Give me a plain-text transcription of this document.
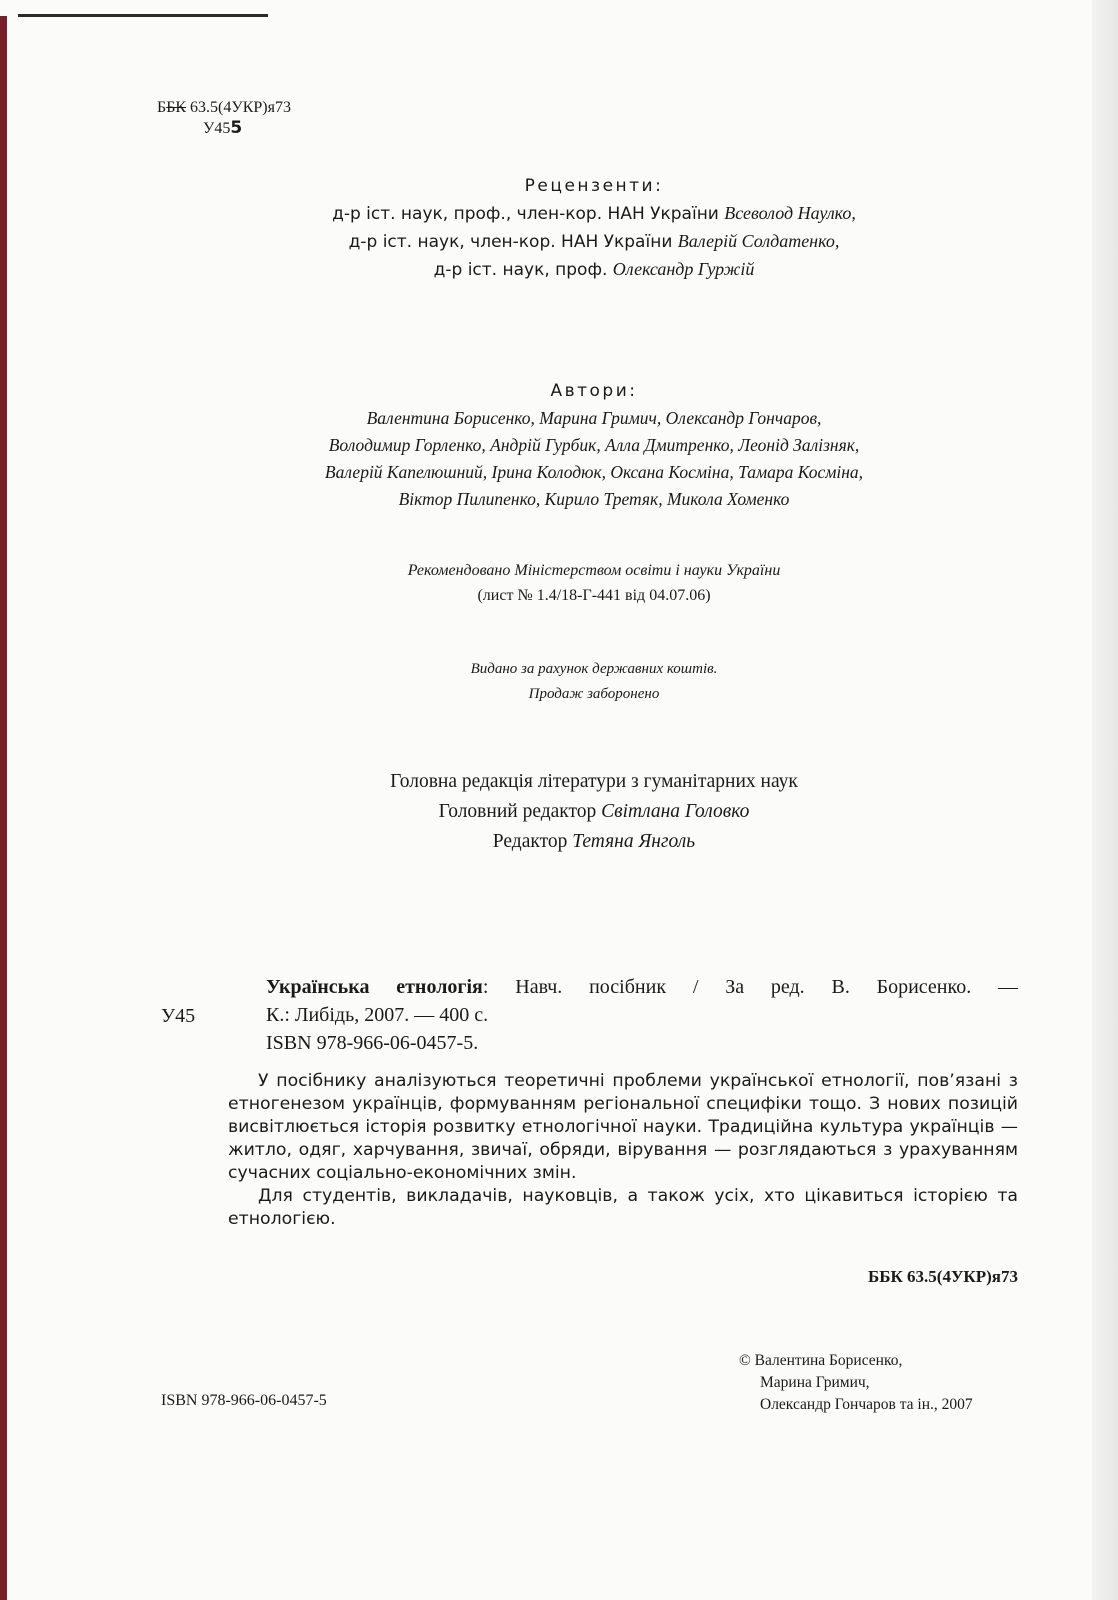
ББК 63.5(4УКР)я73
У455
Рецензенти:
д-р іст. наук, проф., член-кор. НАН України Всеволод Наулко,
д-р іст. наук, член-кор. НАН України Валерій Солдатенко,
д-р іст. наук, проф. Олександр Гуржій
Автори:
Валентина Борисенко, Марина Гримич, Олександр Гончаров,
Володимир Горленко, Андрій Гурбик, Алла Дмитренко, Леонід Залізняк,
Валерій Капелюшний, Ірина Колодюк, Оксана Косміна, Тамара Косміна,
Віктор Пилипенко, Кирило Третяк, Микола Хоменко
Рекомендовано Міністерством освіти і науки України
(лист № 1.4/18-Г-441 від 04.07.06)
Видано за рахунок державних коштів.
Продаж заборонено
Головна редакція літератури з гуманітарних наук
Головний редактор Світлана Головко
Редактор Тетяна Янголь
У45
Українська етнологія: Навч. посібник / За ред. В. Борисенко. —
К.: Либідь, 2007. — 400 с.
ISBN 978-966-06-0457-5.

У посібнику аналізуються теоретичні проблеми української етнології, пов’язані з етногенезом українців, формуванням регіональної специфіки тощо. З нових позицій висвітлюється історія розвитку етнологічної науки. Традиційна культура українців — житло, одяг, харчування, звичаї, обряди, вірування — розглядаються з урахуванням сучасних соціально-економічних змін.

Для студентів, викладачів, науковців, а також усіх, хто цікавиться історією та етнологією.

ББК 63.5(4УКР)я73
© Валентина Борисенко,
Марина Гримич,
Олександр Гончаров та ін., 2007
ISBN 978-966-06-0457-5
